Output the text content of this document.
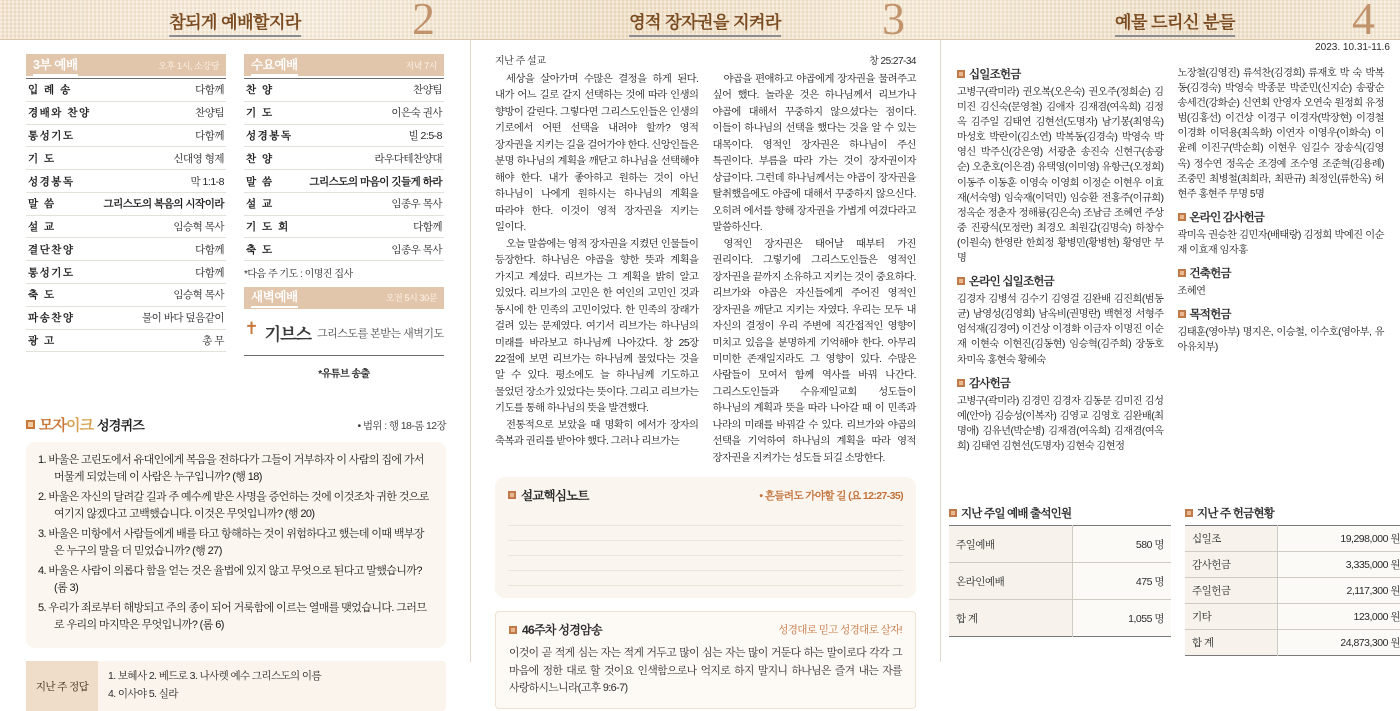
참되게 예배할지라 2	영적 장자권을 지켜라 3	예물 드리신 분들	4
3부 예배	오후 1시, 소강당
입 례 송	다함께
경배와 찬양	찬양팀
통성기도	다함께
기 도	신대영 형제
성경봉독	막 1:1-8
말 씀	그리스도의 복음의 시작이라
설 교	임승혁 목사
결단찬양	다함께
통성기도	다함께
축 도	임승혁 목사
파송찬양	물이 바다 덮음같이
광 고	총 무
수요예배	저녁 7시
찬 양	찬양팀
기 도	이은숙 권사
성경봉독	빌 2:5-8
찬 양	라우다테찬양대
말 씀	그리스도의 마음이 깃들게 하라
설 교	임종우 목사
기 도 회	다함께
축 도	임종우 목사
*다음 주 기도 : 이명진 집사
새벽예배	오전 5시 30분
✝ 기브스 그리스도를 본받는 새벽기도
*유튜브 송출
모자이크 성경퀴즈	• 범위 : 행 18-롬 12장
1. 바울은 고린도에서 유대인에게 복음을 전하다가 그들이 거부하자 이 사람의 집에 가서 머물게 되었는데 이 사람은 누구입니까? (행 18)
2. 바울은 자신의 달려갈 길과 주 예수께 받은 사명을 증언하는 것에 이것조차 귀한 것으로 여기지 않겠다고 고백했습니다. 이것은 무엇입니까? (행 20)
3. 바울은 미항에서 사람들에게 배를 타고 항해하는 것이 위험하다고 했는데 이때 백부장은 누구의 말을 더 믿었습니까? (행 27)
4. 바울은 사람이 의롭다 함을 얻는 것은 율법에 있지 않고 무엇으로 된다고 말했습니까? (롬 3)
5. 우리가 죄로부터 해방되고 주의 종이 되어 거룩함에 이르는 열매를 맺었습니다. 그러므로 우리의 마지막은 무엇입니까? (롬 6)
지난 주 정답
1. 보혜사 2. 베드로 3. 나사렛 예수 그리스도의 이름
4. 이사야 5. 실라
지난 주 설교	창 25:27-34

세상을 살아가며 수많은 결정을 하게 된다. 내가 어느 길로 갈지 선택하는 것에 따라 인생의 향방이 갈린다. 그렇다면 그리스도인들은 인생의 기로에서 어떤 선택을 내려야 할까? 영적 장자권을 지키는 길을 걸어가야 한다. 신앙인들은 분명 하나님의 계획을 깨닫고 하나님을 선택해야 해야 한다. 내가 좋아하고 원하는 것이 아닌 하나님이 나에게 원하시는 하나님의 계획을 따라야 한다. 이것이 영적 장자권을 지키는 일이다.

오늘 말씀에는 영적 장자권을 지켰던 인물들이 등장한다. 하나님은 야곱을 향한 뜻과 계획을 가지고 계셨다. 리브가는 그 계획을 밝히 알고 있었다. 리브가의 고민은 한 여인의 고민인 것과 동시에 한 민족의 고민이었다. 한 민족의 장래가 걸려 있는 문제였다. 여기서 리브가는 하나님의 미래를 바라보고 하나님께 나아갔다. 창 25장 22절에 보면 리브가는 하나님께 물었다는 것을 알 수 있다. 평소에도 늘 하나님께 기도하고 물었던 장소가 있었다는 뜻이다. 그리고 리브가는 기도를 통해 하나님의 뜻을 발견했다.

전통적으로 보았을 때 명확히 에서가 장자의 축복과 권리를 받아야 했다. 그러나 리브가는

야곱을 편애하고 야곱에게 장자권을 물려주고 싶어 했다. 놀라운 것은 하나님께서 리브가나 야곱에 대해서 꾸중하지 않으셨다는 점이다. 이들이 하나님의 선택을 했다는 것을 알 수 있는 대목이다. 영적인 장자권은 하나님이 주신 특권이다. 부름을 따라 가는 것이 장자권이자 상급이다. 그런데 하나님께서는 야곱이 장자권을 탈취했음에도 야곱에 대해서 꾸중하지 않으신다. 오히려 에서를 향해 장자권을 가볍게 여겼다라고 말씀하신다.

영적인 장자권은 태어날 때부터 가진 권리이다. 그렇기에 그리스도인들은 영적인 장자권을 끝까지 소유하고 지키는 것이 중요하다. 리브가와 야곱은 자신들에게 주어진 영적인 장자권을 깨닫고 지키는 자였다. 우리는 모두 내 자신의 결정이 우리 주변에 직간접적인 영향이 미치고 있음을 분명하게 기억해야 한다. 아무리 미미한 존재일지라도 그 영향이 있다. 수많은 사람들이 모여서 함께 역사를 바꿔 나간다. 그리스도인들과 수유제일교회 성도들이 하나님의 계획과 뜻을 따라 나아갈 때 이 민족과 나라의 미래를 바꿔갈 수 있다. 리브가와 야곱의 선택을 기억하여 하나님의 계획을 따라 영적 장자권을 지켜가는 성도들 되길 소망한다.

설교핵심노트	• 흔들려도 가야할 길 (요 12:27-35)
46주차 성경암송	성경대로 믿고 성경대로 살자!
이것이 곧 적게 심는 자는 적게 거두고 많이 심는 자는 많이 거둔다 하는 말이로다 각각 그 마음에 정한 대로 할 것이요 인색함으로나 억지로 하지 말지니 하나님은 즐겨 내는 자를 사랑하시느니라(고후 9:6-7)
2023. 10.31-11.6
십일조헌금
고병구(곽미라) 권오복(오은숙) 권오주(정희순) 김미진 김신숙(문영철) 김애자 김재겸(여옥희) 김정옥 김주일 김태연 김현선(도명자) 남기봉(최영옥) 마성호 박란이(김소연) 박복동(김경숙) 박영숙 박영신 박주신(강은영) 서광춘 송진숙 신현구(송광순) 오춘호(이은겸) 유택영(이미영) 유항근(오정희) 이동주 이동훈 이영숙 이영희 이정순 이현우 이효재(서숙영) 임숙재(이덕민) 임승환 전홍주(이규희) 정옥순 정춘자 정해룡(김은숙) 조남금 조혜연 주상중 진광식(모정란) 최경오 최원갑(김명숙) 하창수(이원숙) 한영란 한희정 황병민(황병헌) 황영만 무명
온라인 십일조헌금
김경자 김병석 김수기 김영걸 김완배 김진희(범동균) 남영성(김영희) 남옥비(권명란) 백현정 서형주 엄석재(김경여) 이건상 이경화 이금자 이명진 이순재 이현숙 이현진(김동현) 임승혁(김주희) 장동호 차미옥 홍현숙 황혜숙
감사헌금
고병구(곽미라) 김경민 김경자 김동문 김미진 김성예(안아) 김승성(이복자) 김영교 김영호 김완배(최명애) 김유년(박순병) 김재겸(여옥희) 김재겸(여옥희) 김태연 김현선(도명자) 김현숙 김현정
노장철(김영진) 류석찬(김경희) 류재호 박 숙 박복동(김경숙) 박영숙 박종문 박준민(신지순) 송광순 송세건(강화순) 신연회 안영자 오연숙 원정희 유정범(김홍선) 이건상 이경구 이경자(박장현) 이경철 이경화 이덕용(최옥화) 이연자 이영우(이화숙) 이윤례 이진구(박순희) 이현우 임길수 장송식(김영옥) 정수연 정옥순 조경예 조수영 조준혁(김용례) 조중민 최병철(최희라, 최판규) 최정인(류한옥) 허현주 홍현주 무명 5명
온라인 감사헌금
곽미옥 권승찬 김민자(배태랑) 김정희 박예진 이순재 이효재 임자홍
건축헌금
조혜연
목적헌금
김태훈(영아부) 명지은, 이승철, 이수호(영아부, 유아유치부)
지난 주일 예배 출석인원
주일예배	580 명
온라인예배	475 명
합 계	1,055 명
지난 주 헌금현황
십일조	19,298,000 원
감사헌금	3,335,000 원
주일헌금	2,117,300 원
기타	123,000 원
합 계	24,873,300 원
